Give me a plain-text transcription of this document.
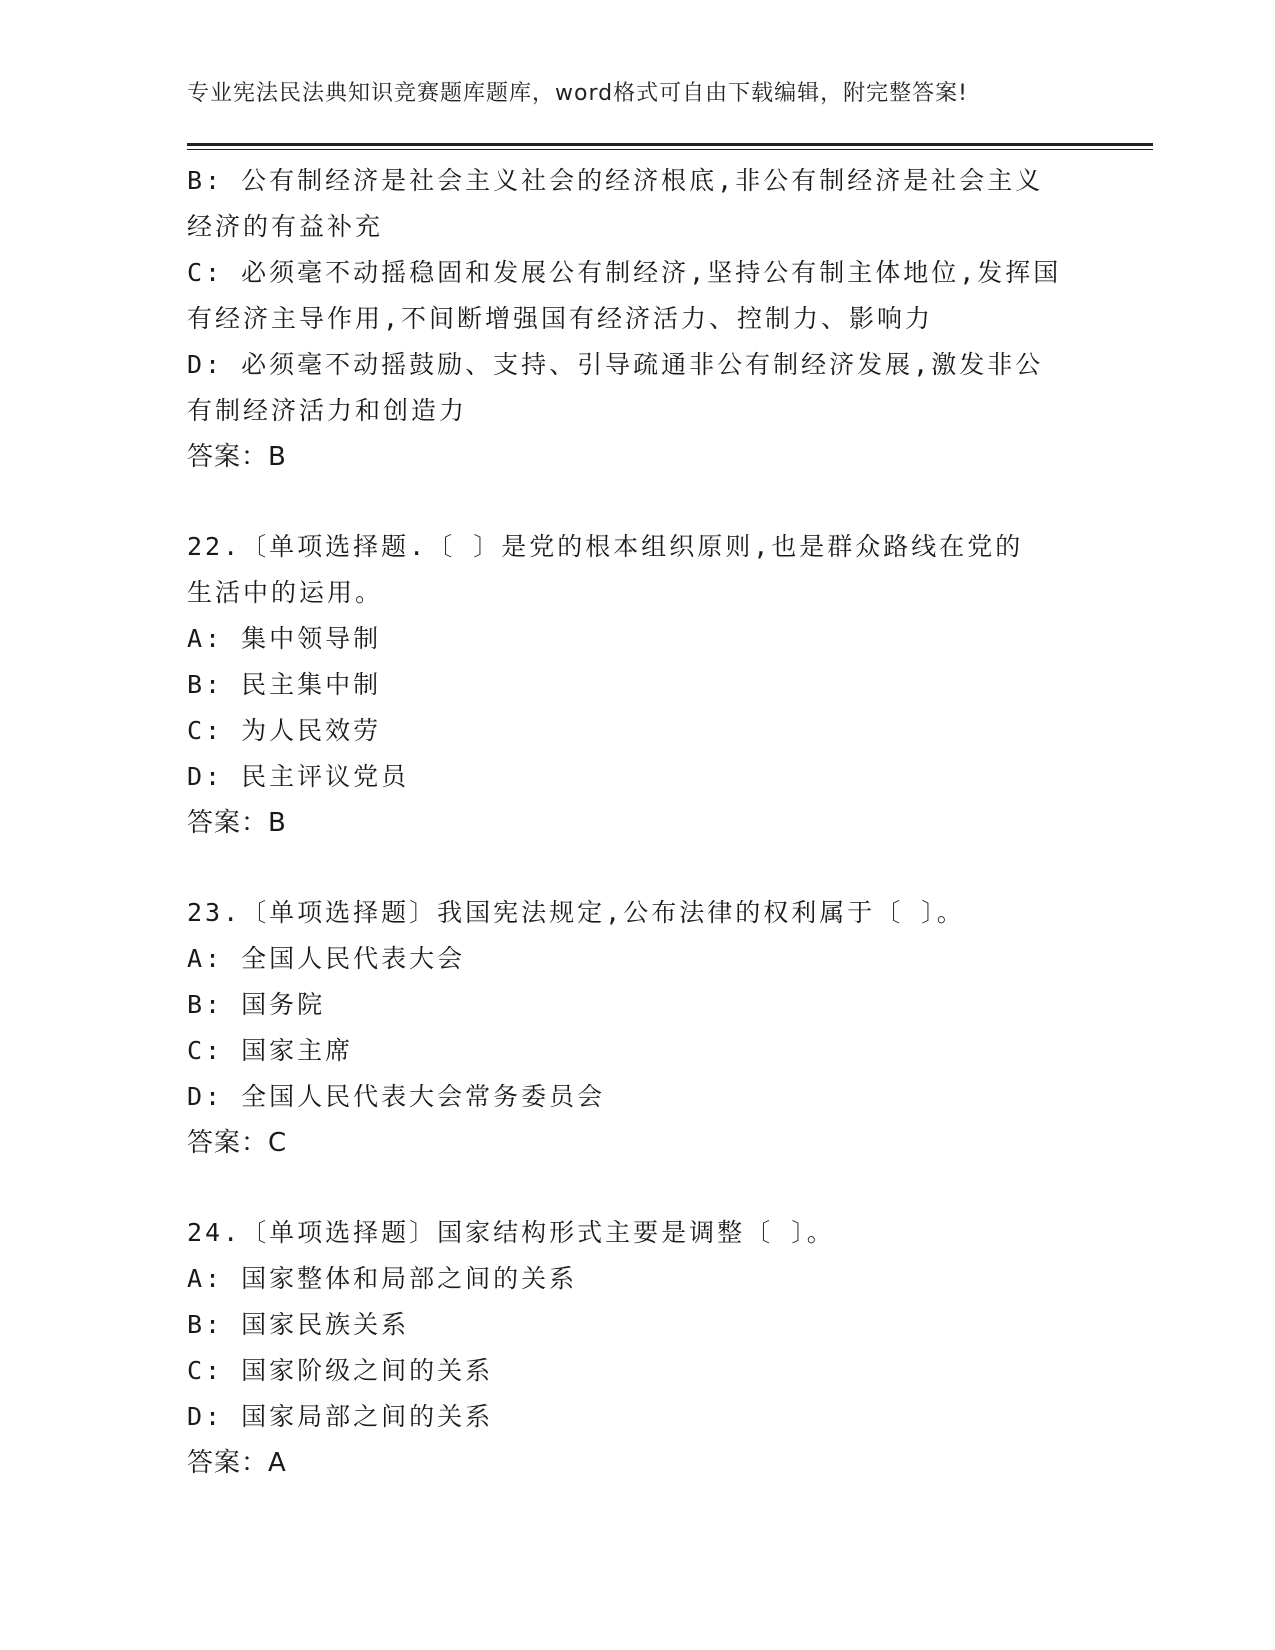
专业宪法民法典知识竞赛题库题库，word格式可自由下载编辑，附完整答案!
B: 公有制经济是社会主义社会的经济根底,非公有制经济是社会主义
经济的有益补充
C: 必须毫不动摇稳固和发展公有制经济,坚持公有制主体地位,发挥国
有经济主导作用,不间断增强国有经济活力、控制力、影响力
D: 必须毫不动摇鼓励、支持、引导疏通非公有制经济发展,激发非公
有制经济活力和创造力
答案：B
22.〔单项选择题.〔 〕是党的根本组织原则,也是群众路线在党的
生活中的运用。
A: 集中领导制
B: 民主集中制
C: 为人民效劳
D: 民主评议党员
答案：B
23.〔单项选择题〕我国宪法规定,公布法律的权利属于〔 〕。
A: 全国人民代表大会
B: 国务院
C: 国家主席
D: 全国人民代表大会常务委员会
答案：C
24.〔单项选择题〕国家结构形式主要是调整〔 〕。
A: 国家整体和局部之间的关系
B: 国家民族关系
C: 国家阶级之间的关系
D: 国家局部之间的关系
答案：A
